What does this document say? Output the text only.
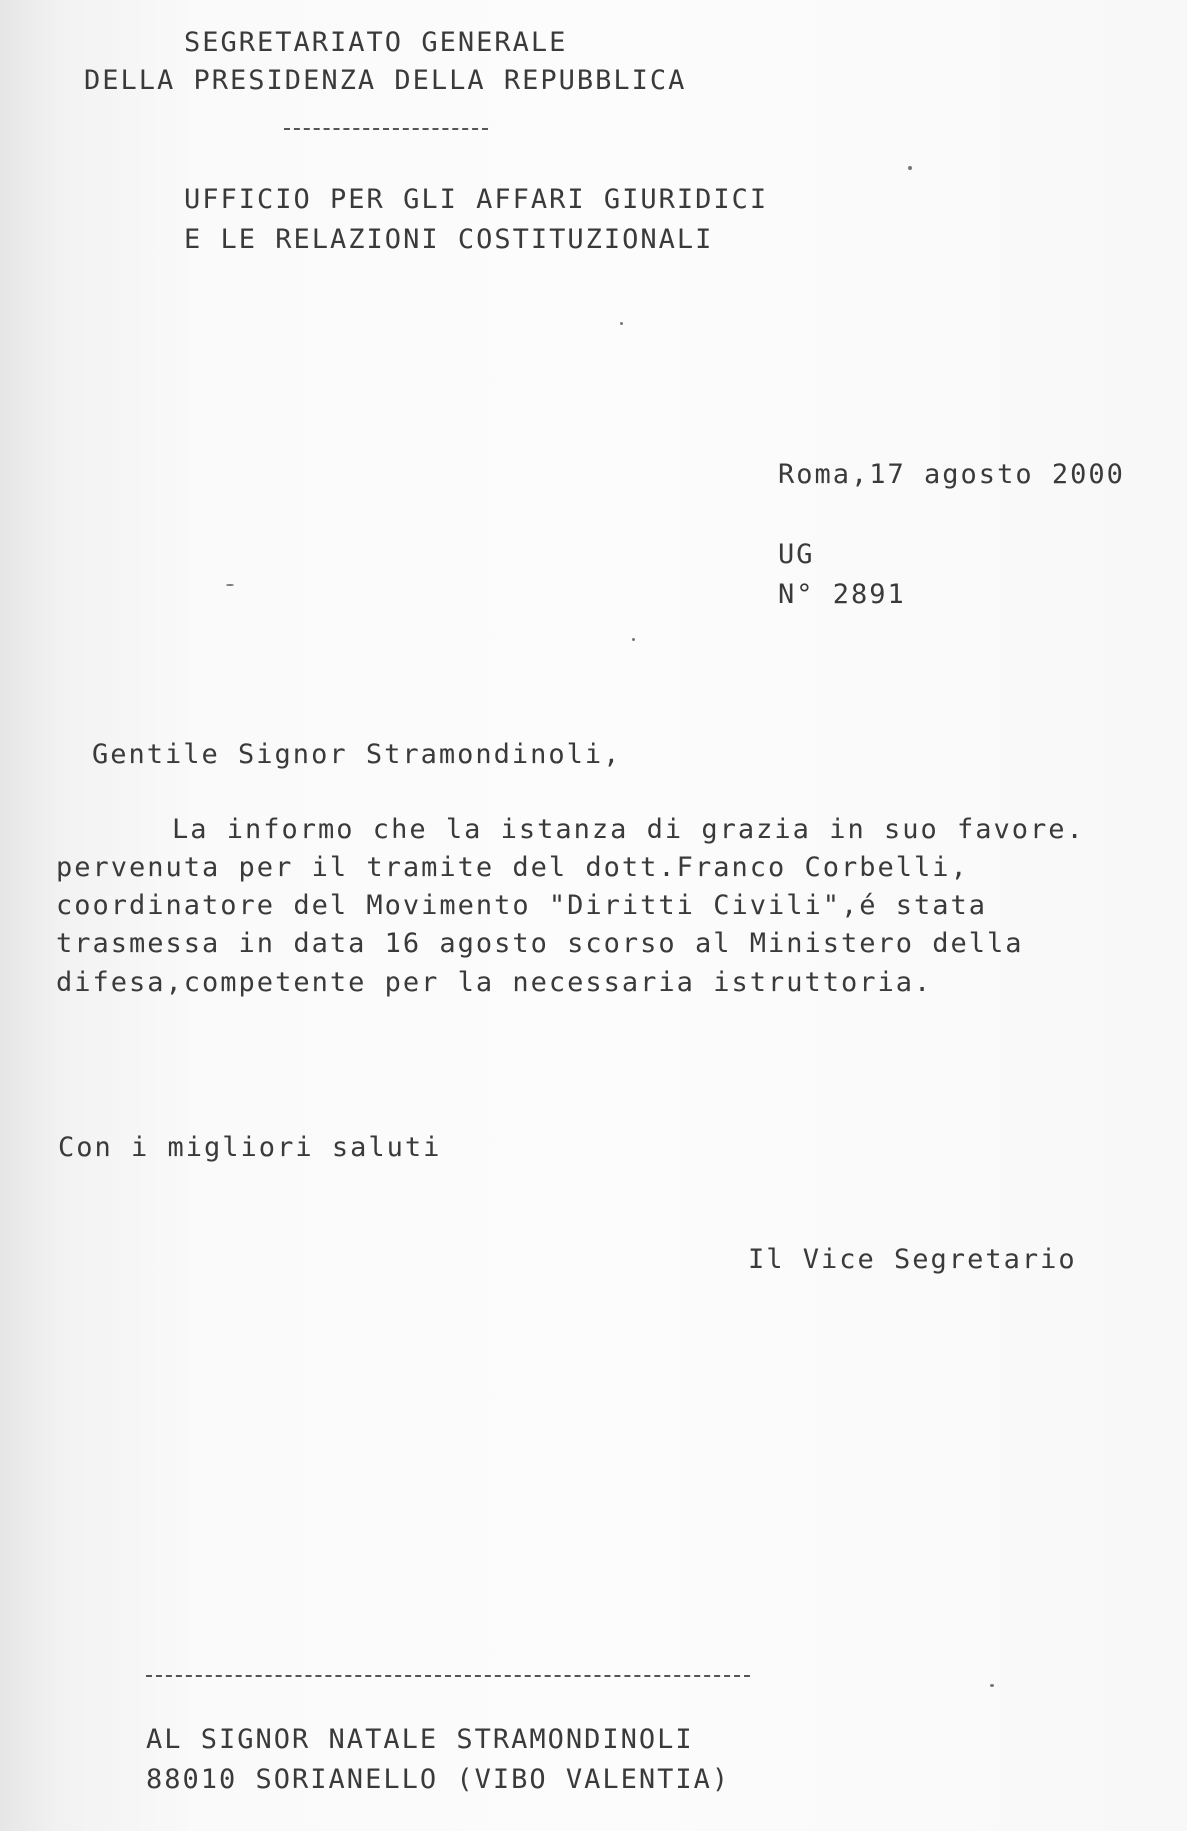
SEGRETARIATO GENERALE
DELLA PRESIDENZA DELLA REPUBBLICA
UFFICIO PER GLI AFFARI GIURIDICI
E LE RELAZIONI COSTITUZIONALI
Roma,17 agosto 2000
UG
N° 2891
Gentile Signor Stramondinoli,
La informo che la istanza di grazia in suo favore.
pervenuta per il tramite del dott.Franco Corbelli,
coordinatore del Movimento "Diritti Civili",é stata
trasmessa in data 16 agosto scorso al Ministero della
difesa,competente per la necessaria istruttoria.
Con i migliori saluti
Il Vice Segretario
AL SIGNOR NATALE STRAMONDINOLI
88010 SORIANELLO (VIBO VALENTIA)
